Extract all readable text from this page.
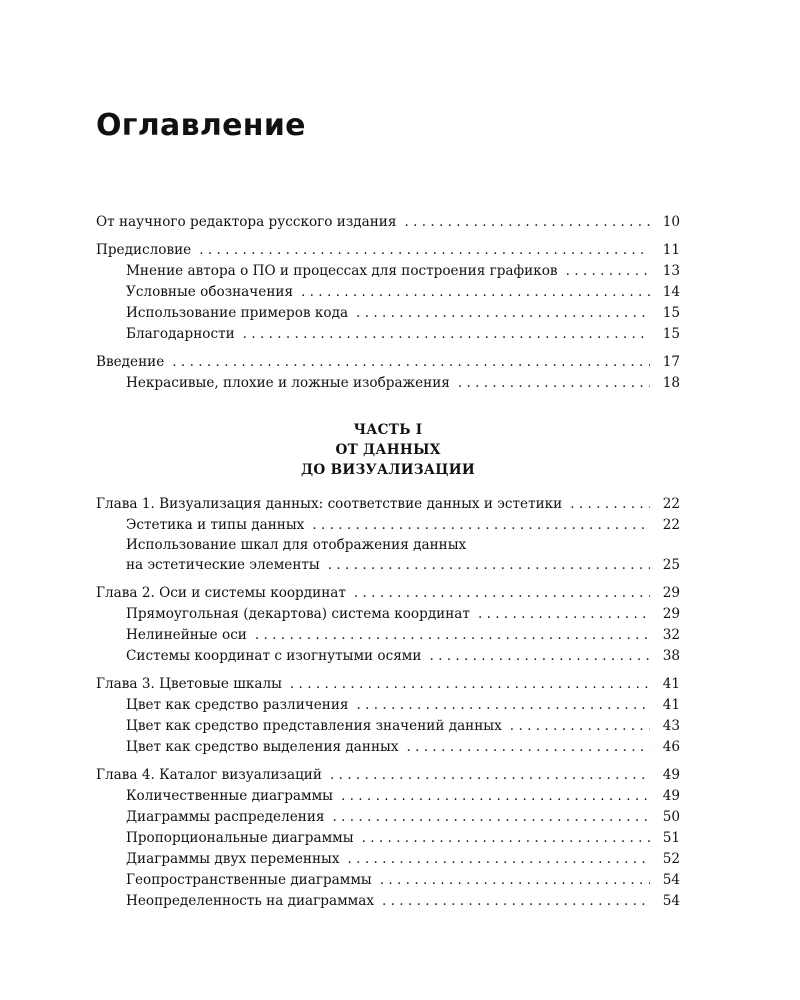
Оглавление
От научного редактора русского издания . . .	10
Предисловие . . .	11
Мнение автора о ПО и процессах для построения графиков . . .	13
Условные обозначения . . .	14
Использование примеров кода . . .	15
Благодарности . . .	15
Введение . . .	17
Некрасивые, плохие и ложные изображения . . .	18
ЧАСТЬ I
ОТ ДАННЫХ
ДО ВИЗУАЛИЗАЦИИ
Глава 1. Визуализация данных: соответствие данных и эстетики . . .	22
Эстетика и типы данных . . .	22
Использование шкал для отображения данных
на эстетические элементы . . .	25
Глава 2. Оси и системы координат . . .	29
Прямоугольная (декартова) система координат . . .	29
Нелинейные оси . . .	32
Системы координат с изогнутыми осями . . .	38
Глава 3. Цветовые шкалы . . .	41
Цвет как средство различения . . .	41
Цвет как средство представления значений данных . . .	43
Цвет как средство выделения данных . . .	46
Глава 4. Каталог визуализаций . . .	49
Количественные диаграммы . . .	49
Диаграммы распределения . . .	50
Пропорциональные диаграммы . . .	51
Диаграммы двух переменных . . .	52
Геопространственные диаграммы . . .	54
Неопределенность на диаграммах . . .	54
